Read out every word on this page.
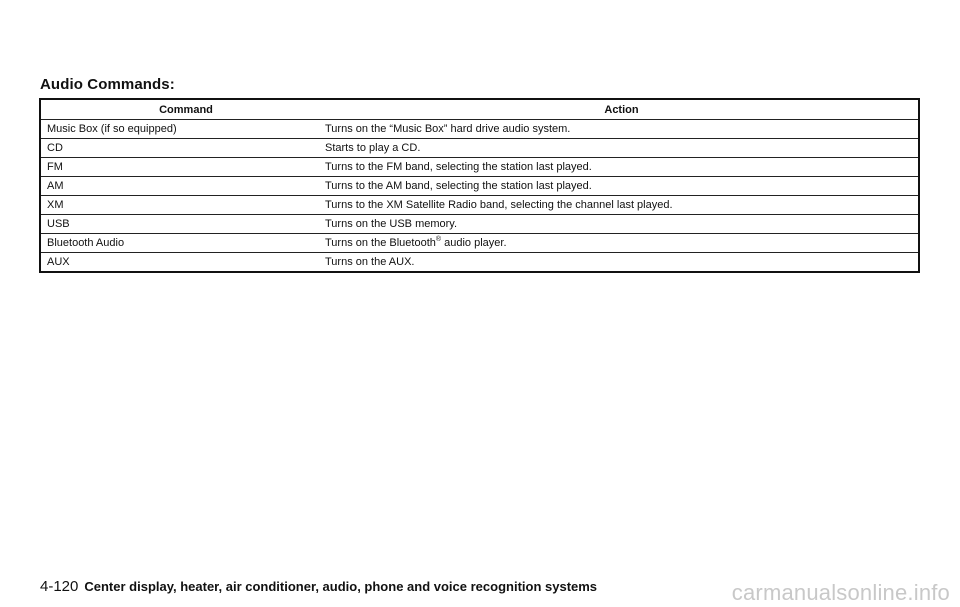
Audio Commands:
Command	Action
Music Box (if so equipped)	Turns on the “Music Box” hard drive audio system.
CD	Starts to play a CD.
FM	Turns to the FM band, selecting the station last played.
AM	Turns to the AM band, selecting the station last played.
XM	Turns to the XM Satellite Radio band, selecting the channel last played.
USB	Turns on the USB memory.
Bluetooth Audio	Turns on the Bluetooth® audio player.
AUX	Turns on the AUX.
4-120 Center display, heater, air conditioner, audio, phone and voice recognition systems	carmanualsonline.info
